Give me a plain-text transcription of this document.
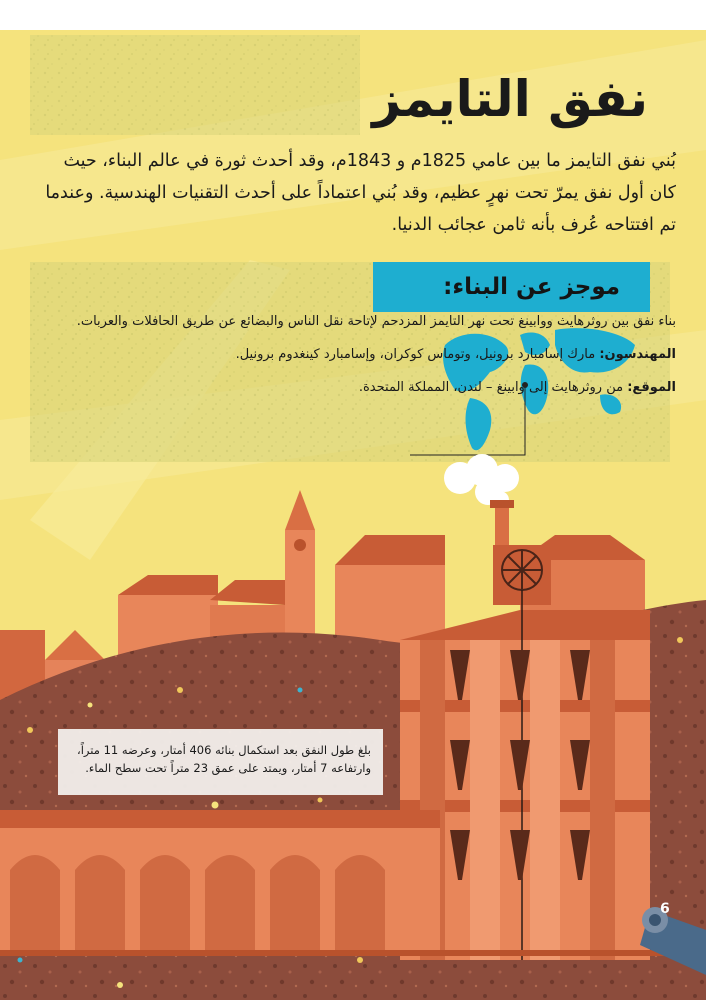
نفق التايمز

بُني نفق التايمز ما بين عامي 1825م و 1843م، وقد أحدث ثورة في عالم البناء، حيث كان أول نفق يمرّ تحت نهرٍ عظيم، وقد بُني اعتماداً على أحدث التقنيات الهندسية. وعندما تم افتتاحه عُرف بأنه ثامن عجائب الدنيا.

موجز عن البناء:

بناء نفق بين روثرهايث ووابينغ تحت نهر التايمز المزدحم لإتاحة نقل الناس والبضائع عن طريق الحافلات والعربات.

المهندسون: مارك إسامبارد برونيل، وتوماس كوكران، وإسامبارد كينغدوم برونيل.

الموقع: من روثرهايث إلى وابينغ – لندن، المملكة المتحدة.

بلغ طول النفق بعد استكمال بنائه 406 أمتار، وعرضه 11 متراً، وارتفاعه 7 أمتار، ويمتد على عمق 23 متراً تحت سطح الماء.
6
